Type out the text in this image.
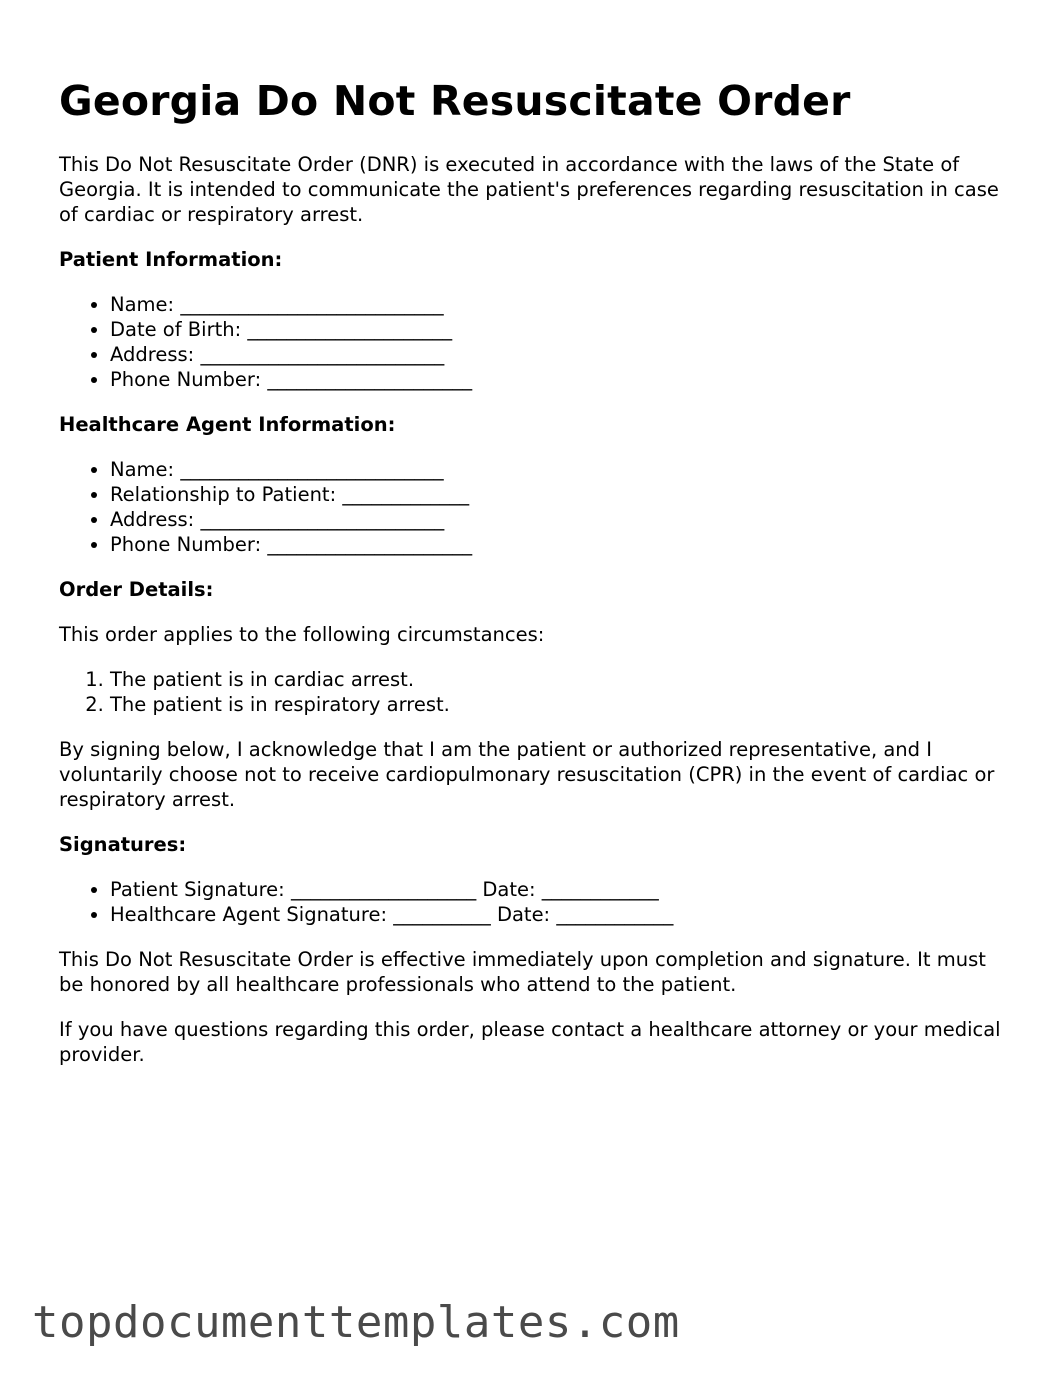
Georgia Do Not Resuscitate Order

This Do Not Resuscitate Order (DNR) is executed in accordance with the laws of the State of Georgia. It is intended to communicate the patient's preferences regarding resuscitation in case of cardiac or respiratory arrest.

Patient Information:
• Name: ___________________________
• Date of Birth: _____________________
• Address: _________________________
• Phone Number: _____________________
Healthcare Agent Information:
• Name: ___________________________
• Relationship to Patient: _____________
• Address: _________________________
• Phone Number: _____________________
Order Details:

This order applies to the following circumstances:

1. The patient is in cardiac arrest.
2. The patient is in respiratory arrest.

By signing below, I acknowledge that I am the patient or authorized representative, and I voluntarily choose not to receive cardiopulmonary resuscitation (CPR) in the event of cardiac or respiratory arrest.

Signatures:
• Patient Signature: ___________________ Date: ____________
• Healthcare Agent Signature: __________ Date: ____________

This Do Not Resuscitate Order is effective immediately upon completion and signature. It must be honored by all healthcare professionals who attend to the patient.

If you have questions regarding this order, please contact a healthcare attorney or your medical provider.

topdocumenttemplates.com
